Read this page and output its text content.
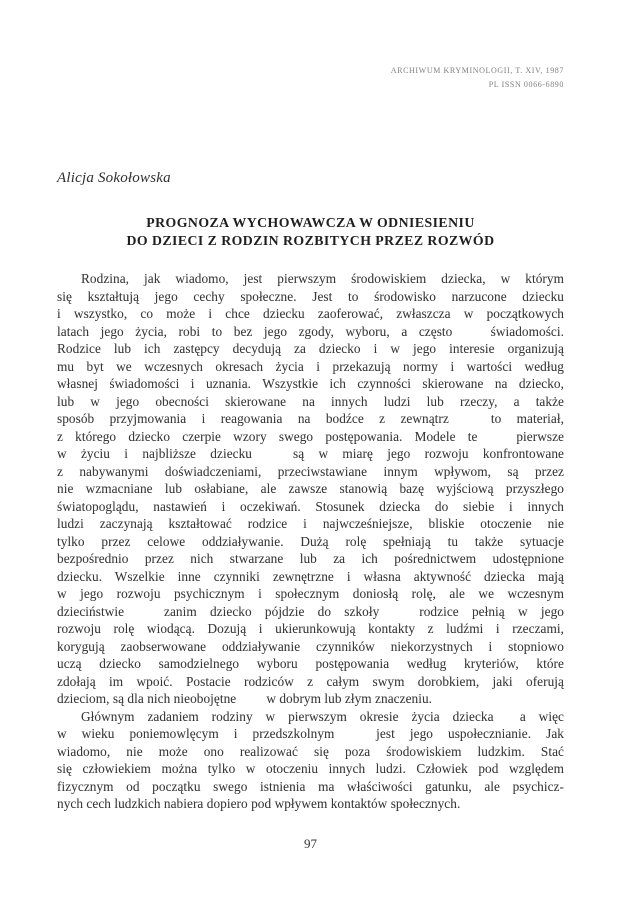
ARCHIWUM KRYMINOLOGII, T. XIV, 1987
PL ISSN 0066-6890
Alicja Sokołowska
PROGNOZA WYCHOWAWCZA W ODNIESIENIU
DO DZIECI Z RODZIN ROZBITYCH PRZEZ ROZWÓD
Rodzina, jak wiadomo, jest pierwszym środowiskiem dziecka, w którym
się kształtują jego cechy społeczne. Jest to środowisko narzucone dziecku
i wszystko, co może i chce dziecku zaoferować, zwłaszcza w początkowych
latach jego życia, robi to bez jego zgody, wyboru, a często   świadomości.
Rodzice lub ich zastępcy decydują za dziecko i w jego interesie organizują
mu byt we wczesnych okresach życia i przekazują normy i wartości według
własnej świadomości i uznania. Wszystkie ich czynności skierowane na dziecko,
lub w jego obecności skierowane na innych ludzi lub rzeczy, a także
sposób przyjmowania i reagowania na bodźce z zewnątrz   to materiał,
z którego dziecko czerpie wzory swego postępowania. Modele te   pierwsze
w życiu i najbliższe dziecku   są w miarę jego rozwoju konfrontowane
z nabywanymi doświadczeniami, przeciwstawiane innym wpływom, są przez
nie wzmacniane lub osłabiane, ale zawsze stanowią bazę wyjściową przyszłego
światopoglądu, nastawień i oczekiwań. Stosunek dziecka do siebie i innych
ludzi zaczynają kształtować rodzice i najwcześniejsze, bliskie otoczenie nie
tylko przez celowe oddziaływanie. Dużą rolę spełniają tu także sytuacje
bezpośrednio przez nich stwarzane lub za ich pośrednictwem udostępnione
dziecku. Wszelkie inne czynniki zewnętrzne i własna aktywność dziecka mają
w jego rozwoju psychicznym i społecznym doniosłą rolę, ale we wczesnym
dzieciństwie   zanim dziecko pójdzie do szkoły   rodzice pełnią w jego
rozwoju rolę wiodącą. Dozują i ukierunkowują kontakty z ludźmi i rzeczami,
korygują zaobserwowane oddziaływanie czynników niekorzystnych i stopniowo
uczą dziecko samodzielnego wyboru postępowania według kryteriów, które
zdołają im wpoić. Postacie rodziców z całym swym dorobkiem, jaki oferują
dzieciom, są dla nich nieobojętne   w dobrym lub złym znaczeniu.
Głównym zadaniem rodziny w pierwszym okresie życia dziecka  a więc
w wieku poniemowlęcym i przedszkolnym   jest jego uspołecznianie. Jak
wiadomo, nie może ono realizować się poza środowiskiem ludzkim. Stać
się człowiekiem można tylko w otoczeniu innych ludzi. Człowiek pod względem
fizycznym od początku swego istnienia ma właściwości gatunku, ale psychicz-
nych cech ludzkich nabiera dopiero pod wpływem kontaktów społecznych.
97
